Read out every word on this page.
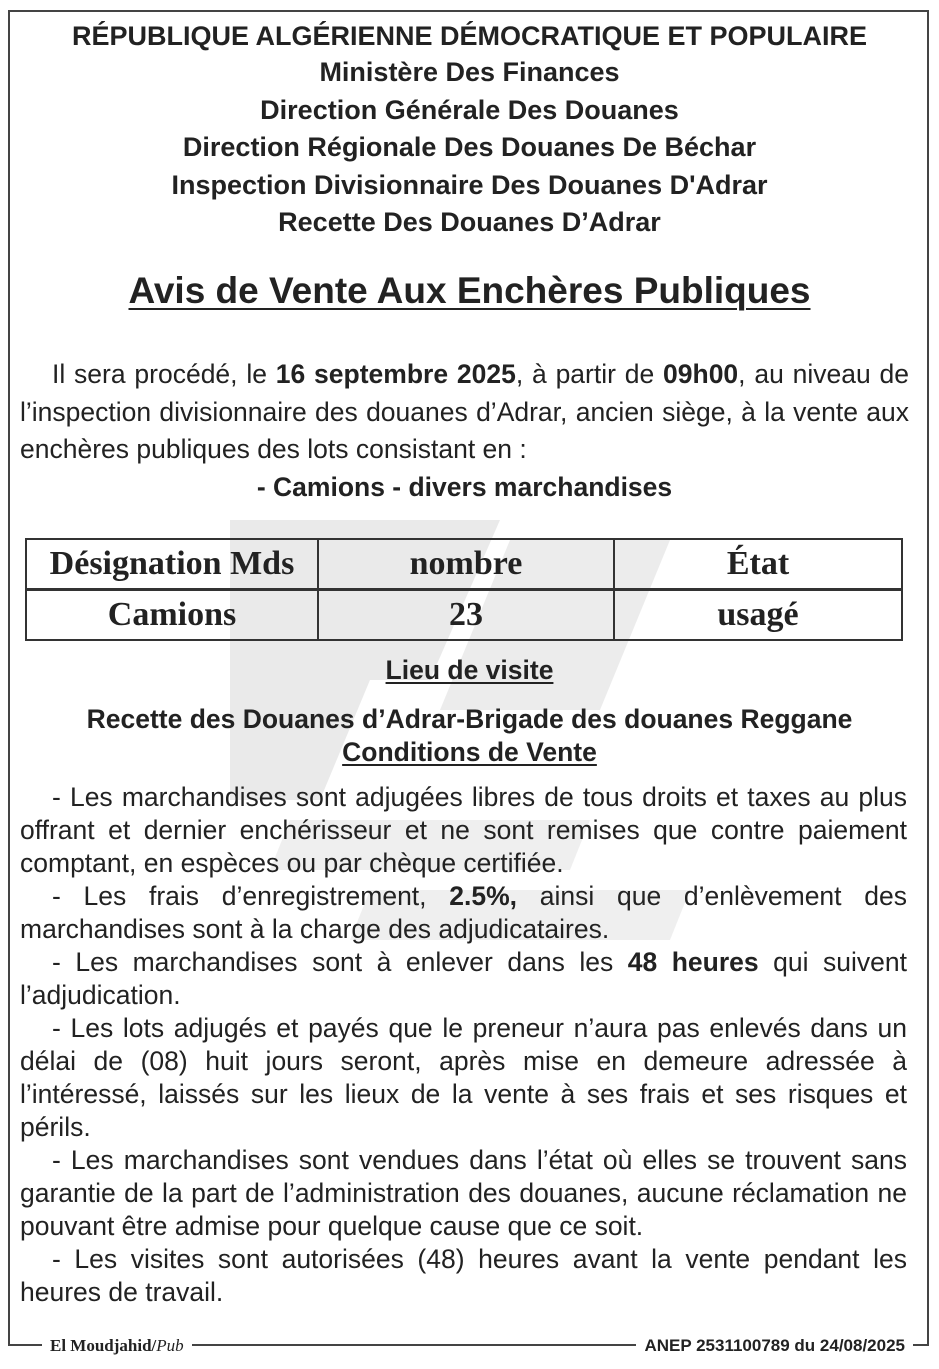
RÉPUBLIQUE ALGÉRIENNE DÉMOCRATIQUE ET POPULAIRE
Ministère Des Finances
Direction Générale Des Douanes
Direction Régionale Des Douanes De Béchar
Inspection Divisionnaire Des Douanes D'Adrar
Recette Des Douanes D’Adrar
Avis de Vente Aux Enchères Publiques

Il sera procédé, le 16 septembre 2025, à partir de 09h00, au niveau de l’inspection divisionnaire des douanes d’Adrar, ancien siège, à la vente aux enchères publiques des lots consistant en :

- Camions - divers marchandises

Désignation Mds	nombre	État
Camions	23	usagé
Lieu de visite
Recette des Douanes d’Adrar-Brigade des douanes Reggane
Conditions de Vente

- Les marchandises sont adjugées libres de tous droits et taxes au plus offrant et dernier enchérisseur et ne sont remises que contre paiement comptant, en espèces ou par chèque certifiée.

- Les frais d’enregistrement, 2.5%, ainsi que d’enlèvement des marchandises sont à la charge des adjudicataires.

- Les marchandises sont à enlever dans les 48 heures qui suivent l’adjudication.

- Les lots adjugés et payés que le preneur n’aura pas enlevés dans un délai de (08) huit jours seront, après mise en demeure adressée à l’intéressé, laissés sur les lieux de la vente à ses frais et ses risques et périls.

- Les marchandises sont vendues dans l’état où elles se trouvent sans garantie de la part de l’administration des douanes, aucune réclamation ne pouvant être admise pour quelque cause que ce soit.

- Les visites sont autorisées (48) heures avant la vente pendant les heures de travail.

El Moudjahid/Pub	ANEP 2531100789 du 24/08/2025
